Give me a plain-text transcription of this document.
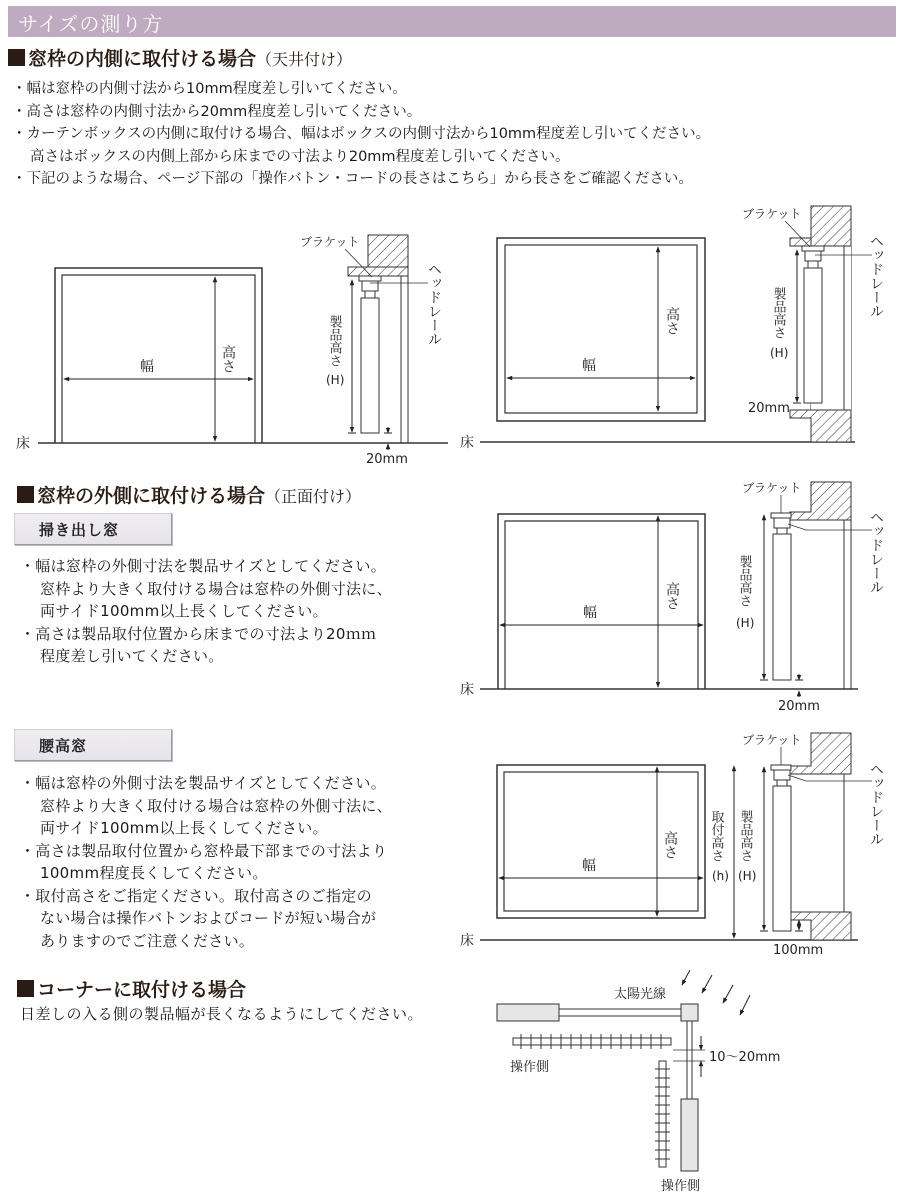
サイズの測り方
窓枠の内側に取付ける場合（天井付け）
・幅は窓枠の内側寸法から10mm程度差し引いてください。
・高さは窓枠の内側寸法から20mm程度差し引いてください。
・カーテンボックスの内側に取付ける場合、幅はボックスの内側寸法から10mm程度差し引いてください。
高さはボックスの内側上部から床までの寸法より20mm程度差し引いてください。
・下記のような場合、ページ下部の「操作バトン・コードの長さはこちら」から長さをご確認ください。
床
幅	高さ
ブラケット
ヘッドレール
製品高さ
(H)
20mm
床
幅
高さ
ブラケット
ヘッドレール
製品高さ
(H)
20mm
窓枠の外側に取付ける場合（正面付け）
掃き出し窓
・幅は窓枠の外側寸法を製品サイズとしてください。
窓枠より大きく取付ける場合は窓枠の外側寸法に、
両サイド100mm以上長くしてください。
・高さは製品取付位置から床までの寸法より20ｍｍ
程度差し引いてください。
床
幅
高さ
ブラケット
ヘッドレール
製品高さ
(H)
20mm
腰高窓
・幅は窓枠の外側寸法を製品サイズとしてください。
窓枠より大きく取付ける場合は窓枠の外側寸法に、
両サイド100mm以上長くしてください。
・高さは製品取付位置から窓枠最下部までの寸法より
100mm程度長くしてください。
・取付高さをご指定ください。取付高さのご指定の
ない場合は操作バトンおよびコードが短い場合が
ありますのでご注意ください。	床
幅
高さ
ブラケット
ヘッドレール
取付高さ
(h)
製品高さ
(H)
100mm
コーナーに取付ける場合
日差しの入る側の製品幅が長くなるようにしてください。
操作側
操作側
10〜20mm
太陽光線
